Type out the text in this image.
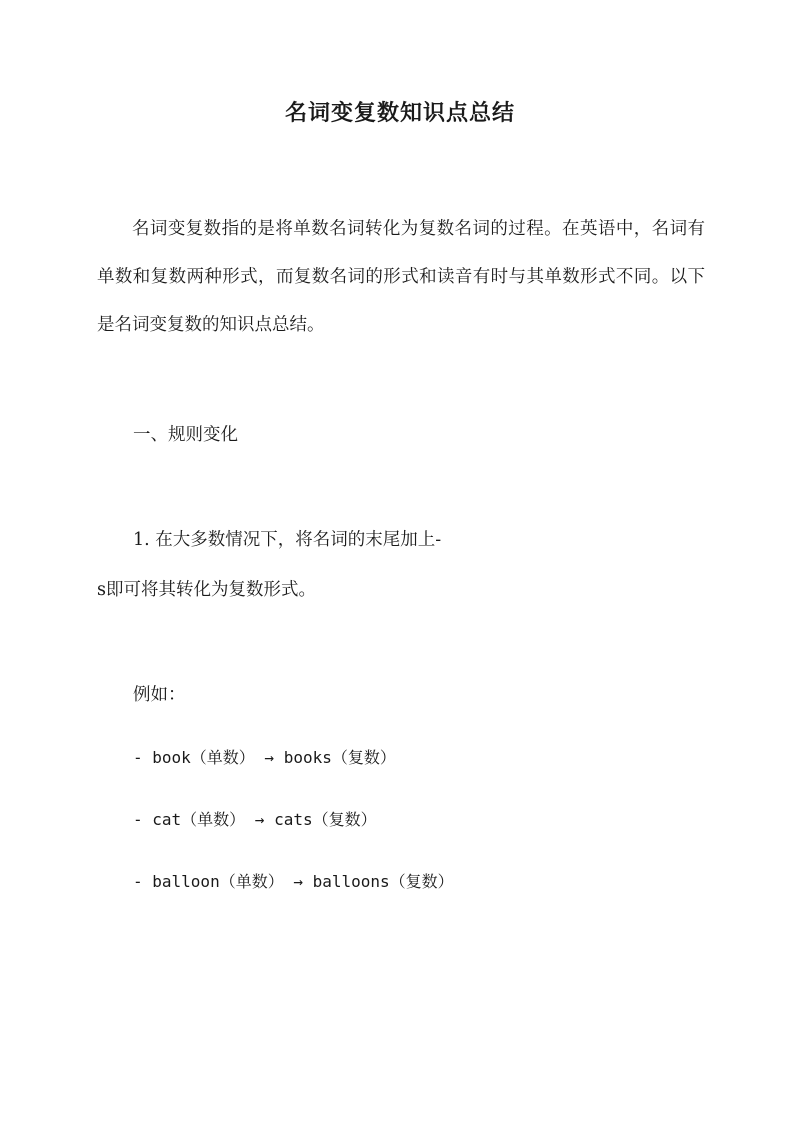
名词变复数知识点总结

名词变复数指的是将单数名词转化为复数名词的过程。在英语中，名词有单数和复数两种形式，而复数名词的形式和读音有时与其单数形式不同。以下是名词变复数的知识点总结。

一、规则变化
1. 在大多数情况下，将名词的末尾加上-
s即可将其转化为复数形式。
例如：
- book（单数） → books（复数）
- cat（单数） → cats（复数）
- balloon（单数） → balloons（复数）
